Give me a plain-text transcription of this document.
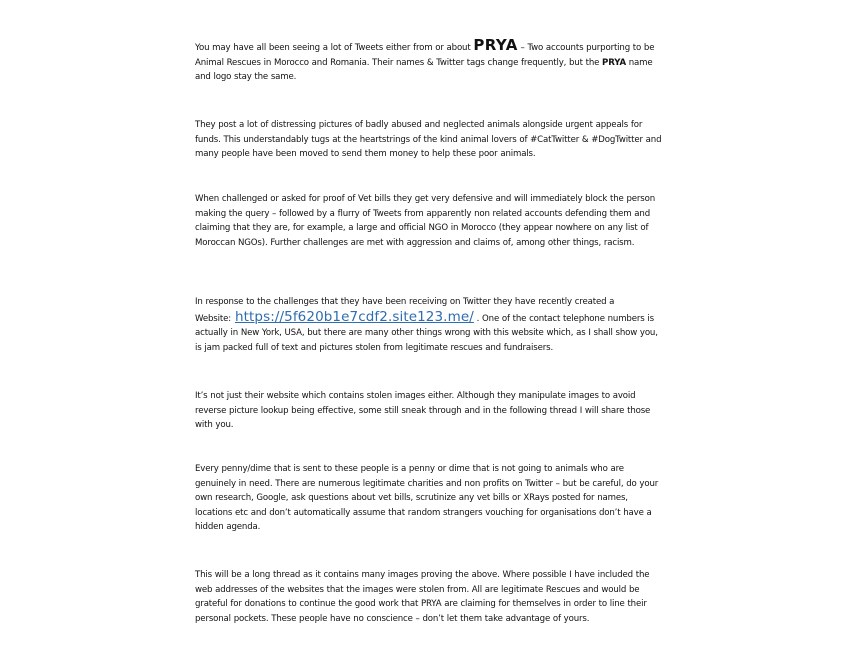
You may have all been seeing a lot of Tweets either from or about PRYA – Two accounts purporting to be Animal Rescues in Morocco and Romania. Their names & Twitter tags change frequently, but the PRYA name and logo stay the same.

They post a lot of distressing pictures of badly abused and neglected animals alongside urgent appeals for funds. This understandably tugs at the heartstrings of the kind animal lovers of #CatTwitter & #DogTwitter and many people have been moved to send them money to help these poor animals.

When challenged or asked for proof of Vet bills they get very defensive and will immediately block the person making the query – followed by a flurry of Tweets from apparently non related accounts defending them and claiming that they are, for example, a large and official NGO in Morocco (they appear nowhere on any list of Moroccan NGOs). Further challenges are met with aggression and claims of, among other things, racism.

In response to the challenges that they have been receiving on Twitter they have recently created a Website: https://5f620b1e7cdf2.site123.me/ . One of the contact telephone numbers is actually in New York, USA, but there are many other things wrong with this website which, as I shall show you, is jam packed full of text and pictures stolen from legitimate rescues and fundraisers.

It’s not just their website which contains stolen images either. Although they manipulate images to avoid reverse picture lookup being effective, some still sneak through and in the following thread I will share those with you.

Every penny/dime that is sent to these people is a penny or dime that is not going to animals who are genuinely in need. There are numerous legitimate charities and non profits on Twitter – but be careful, do your own research, Google, ask questions about vet bills, scrutinize any vet bills or XRays posted for names, locations etc and don’t automatically assume that random strangers vouching for organisations don’t have a hidden agenda.

This will be a long thread as it contains many images proving the above. Where possible I have included the web addresses of the websites that the images were stolen from. All are legitimate Rescues and would be grateful for donations to continue the good work that PRYA are claiming for themselves in order to line their personal pockets. These people have no conscience – don’t let them take advantage of yours.
